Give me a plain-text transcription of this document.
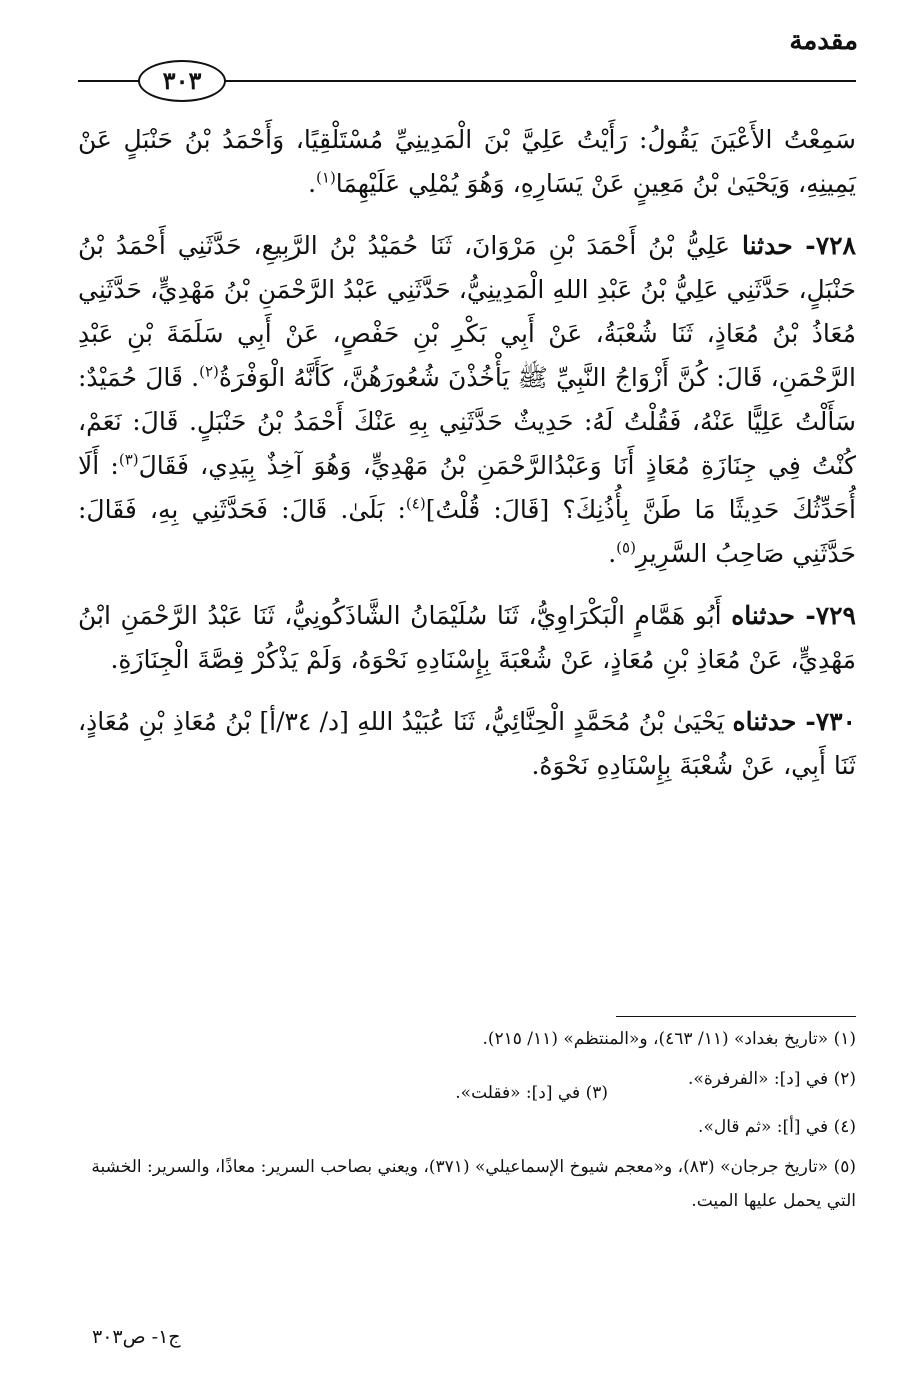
مقدمة
٣٠٣

سَمِعْتُ الأَعْيَنَ يَقُولُ: رَأَيْتُ عَلِيَّ بْنَ الْمَدِينِيِّ مُسْتَلْقِيًا، وَأَحْمَدُ بْنُ حَنْبَلٍ عَنْ يَمِينِهِ، وَيَحْيَىٰ بْنُ مَعِينٍ عَنْ يَسَارِهِ، وَهُوَ يُمْلِي عَلَيْهِمَا$^{(١)}$.

٧٢٨- حدثنا عَلِيُّ بْنُ أَحْمَدَ بْنِ مَرْوَانَ، ثَنَا حُمَيْدُ بْنُ الرَّبِيعِ، حَدَّثَنِي أَحْمَدُ بْنُ حَنْبَلٍ، حَدَّثَنِي عَلِيُّ بْنُ عَبْدِ اللهِ الْمَدِينِيُّ، حَدَّثَنِي عَبْدُ الرَّحْمَنِ بْنُ مَهْدِيٍّ، حَدَّثَنِي مُعَاذُ بْنُ مُعَاذٍ، ثَنَا شُعْبَةُ، عَنْ أَبِي بَكْرِ بْنِ حَفْصٍ، عَنْ أَبِي سَلَمَةَ بْنِ عَبْدِ الرَّحْمَنِ، قَالَ: كُنَّ أَزْوَاجُ النَّبِيِّ ﷺ يَأْخُذْنَ شُعُورَهُنَّ، كَأَنَّهُ الْوَفْرَةُ$^{(٢)}$. قَالَ حُمَيْدٌ: سَأَلْتُ عَلِيًّا عَنْهُ، فَقُلْتُ لَهُ: حَدِيثٌ حَدَّثَنِي بِهِ عَنْكَ أَحْمَدُ بْنُ حَنْبَلٍ. قَالَ: نَعَمْ، كُنْتُ فِي جِنَازَةِ مُعَاذٍ أَنَا وَعَبْدُالرَّحْمَنِ بْنُ مَهْدِيٍّ، وَهُوَ آخِذٌ بِيَدِي، فَقَالَ$^{(٣)}$: أَلَا أُحَدِّثُكَ حَدِيثًا مَا طَنَّ بِأُذُنِكَ؟ [قَالَ: قُلْتُ]$^{(٤)}$: بَلَىٰ. قَالَ: فَحَدَّثَنِي بِهِ، فَقَالَ: حَدَّثَنِي صَاحِبُ السَّرِيرِ$^{(٥)}$.

٧٢٩- حدثناه أَبُو هَمَّامٍ الْبَكْرَاوِيُّ، ثَنَا سُلَيْمَانُ الشَّاذَكُونِيُّ، ثَنَا عَبْدُ الرَّحْمَنِ ابْنُ مَهْدِيٍّ، عَنْ مُعَاذِ بْنِ مُعَاذٍ، عَنْ شُعْبَةَ بِإِسْنَادِهِ نَحْوَهُ، وَلَمْ يَذْكُرْ قِصَّةَ الْجِنَازَةِ.

٧٣٠- حدثناه يَحْيَىٰ بْنُ مُحَمَّدٍ الْحِنَّائِيُّ، ثَنَا عُبَيْدُ اللهِ [د/ ٣٤/أ] بْنُ مُعَاذِ بْنِ مُعَاذٍ، ثَنَا أَبِي، عَنْ شُعْبَةَ بِإِسْنَادِهِ نَحْوَهُ.

(١) «تاريخ بغداد» (١١/ ٤٦٣)، و«المنتظم» (١١/ ٢١٥).
(٢) في [د]: «الفرفرة».
(٣) في [د]: «فقلت».
(٤) في [أ]: «ثم قال».
(٥) «تاريخ جرجان» (٨٣)، و«معجم شيوخ الإسماعيلي» (٣٧١)، ويعني بصاحب السرير: معاذًا، والسرير: الخشبة التي يحمل عليها الميت.
ج١- ص٣٠٣
